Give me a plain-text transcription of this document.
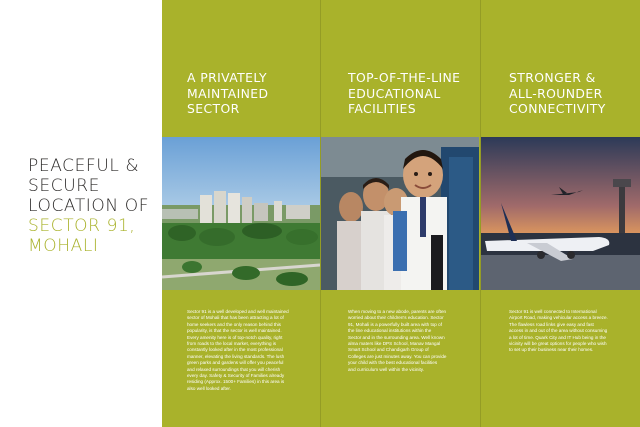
PEACEFUL &
SECURE
LOCATION OF
SECTOR 91,
MOHALI
A PRIVATELY
MAINTAINED
SECTOR
Sector 91 is a well developed and well maintained
sector of Mohali that has been attracting a lot of
home seekers and the only reason behind this
popularity, is that the sector is well maintained.
Every amenity here is of top-notch quality, right
from roads to the local market, everything is
constantly looked after in the most professional
manner, elevating the living standards. The lush
green parks and gardens will offer you peaceful
and relaxed surroundings that you will cherish
every day. Safety & Security of Families already
residing (Approx. 1500+ Families) in this area is
also well looked after.
TOP-OF-THE-LINE
EDUCATIONAL
FACILITIES
When moving to a new abode, parents are often
worried about their children's education. Sector
91, Mohali is a powerfully built area with top of
the line educational institutions within the
Sector and in the surrounding area. Well known
alma maters like DPS School, Manav Mangal
Smart School and Chandigarh Group of
Colleges are just minutes away. You can provide
your child with the best educational facilities
and curriculum well within the vicinity.
STRONGER &
ALL-ROUNDER
CONNECTIVITY
Sector 91 is well connected to International
Airport Road, making vehicular access a breeze.
The flawless road links give easy and fast
access in and out of the area without consuming
a lot of time. Quark City and IT Hub being in the
vicinity will be great options for people who wish
to set up their business near their homes.
